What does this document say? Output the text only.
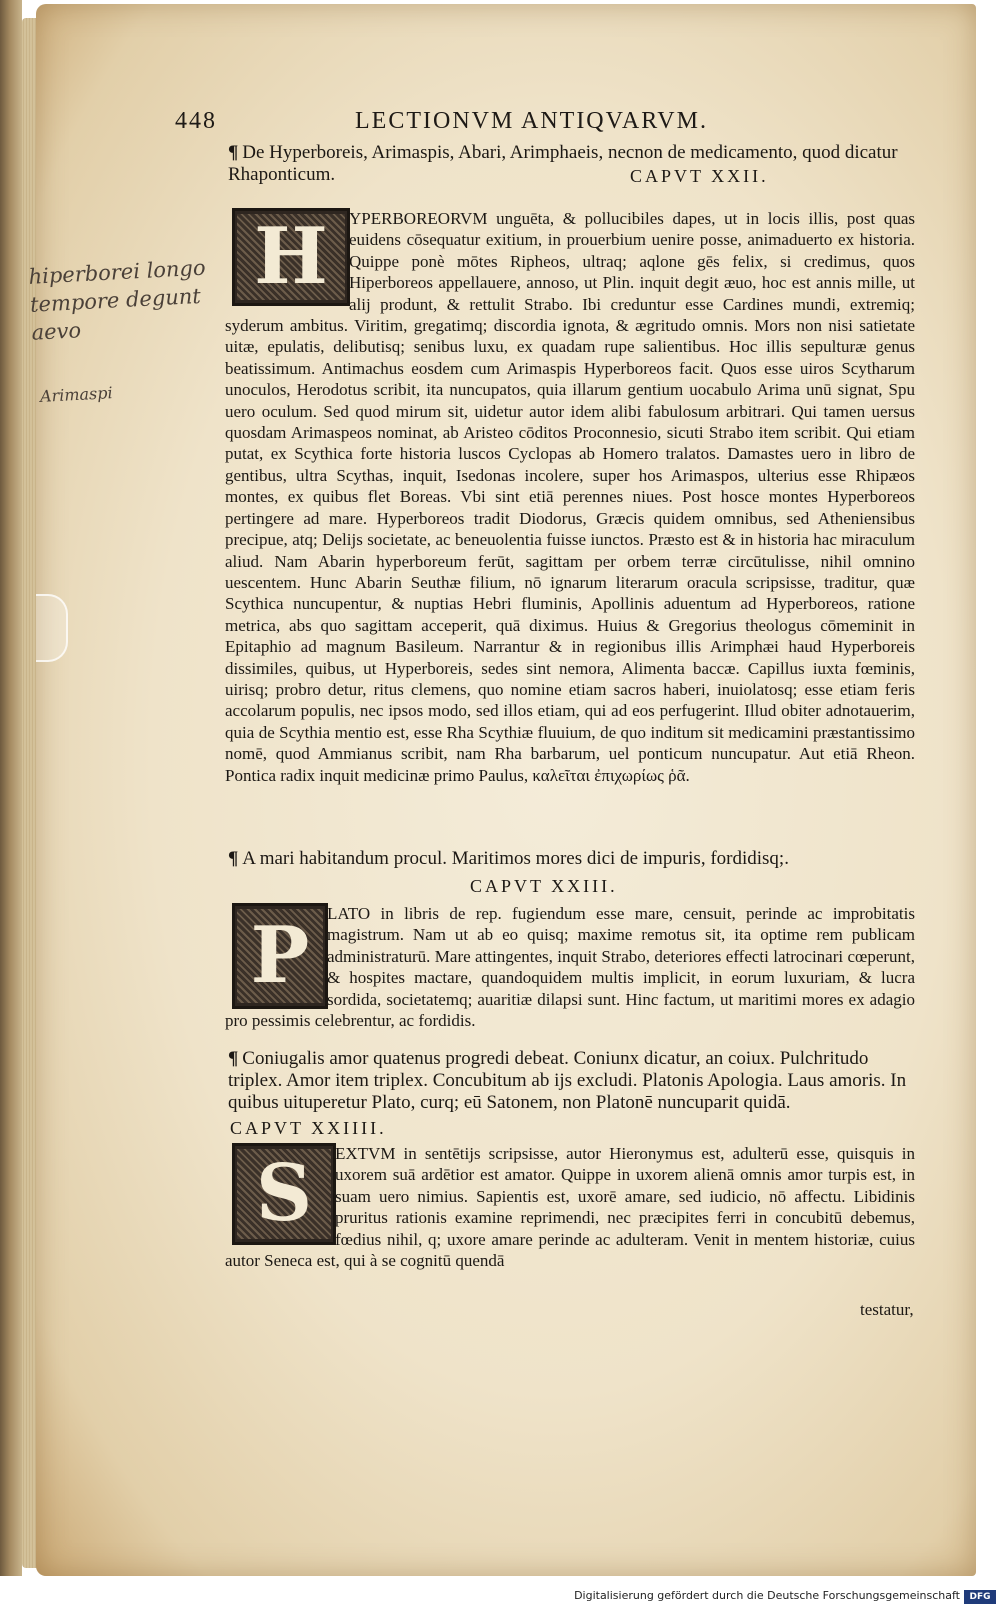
448	LECTIONVM ANTIQVARVM.
hiperborei longo tempore degunt aevo
Arimaspi
¶ De Hyperboreis, Arimaspis, Abari, Arimphaeis, necnon de medicamento, quod dicatur Rhaponticum.	CAPVT XXII.
H	YPERBOREORVM unguēta, & pollucibiles dapes, ut in locis illis, post quas euidens cōsequatur exitium, in prouerbium uenire posse, animaduerto ex historia. Quippe ponè mōtes Ripheos, ultraq; aqlone gēs felix, si credimus, quos Hiperboreos appellauere, annoso, ut Plin. inquit degit æuo, hoc est annis mille, ut alij produnt, & rettulit Strabo. Ibi creduntur esse Cardines mundi, extremiq; syderum ambitus. Viritim, gregatimq; discordia ignota, & ægritudo omnis. Mors non nisi satietate uitæ, epulatis, delibutisq; senibus luxu, ex quadam rupe salientibus. Hoc illis sepulturæ genus beatissimum. Antimachus eosdem cum Arimaspis Hyperboreos facit. Quos esse uiros Scytharum unoculos, Herodotus scribit, ita nuncupatos, quia illarum gentium uocabulo Arima unū signat, Spu uero oculum. Sed quod mirum sit, uidetur autor idem alibi fabulosum arbitrari. Qui tamen uersus quosdam Arimaspeos nominat, ab Aristeo cōditos Proconnesio, sicuti Strabo item scribit. Qui etiam putat, ex Scythica forte historia luscos Cyclopas ab Homero tralatos. Damastes uero in libro de gentibus, ultra Scythas, inquit, Isedonas incolere, super hos Arimaspos, ulterius esse Rhipæos montes, ex quibus flet Boreas. Vbi sint etiā perennes niues. Post hosce montes Hyperboreos pertingere ad mare. Hyperboreos tradit Diodorus, Græcis quidem omnibus, sed Atheniensibus precipue, atq; Delijs societate, ac beneuolentia fuisse iunctos. Præsto est & in historia hac miraculum aliud. Nam Abarin hyperboreum ferūt, sagittam per orbem terræ circūtulisse, nihil omnino uescentem. Hunc Abarin Seuthæ filium, nō ignarum literarum oracula scripsisse, traditur, quæ Scythica nuncupentur, & nuptias Hebri fluminis, Apollinis aduentum ad Hyperboreos, ratione metrica, abs quo sagittam acceperit, quā diximus. Huius & Gregorius theologus cōmeminit in Epitaphio ad magnum Basileum. Narrantur & in regionibus illis Arimphæi haud Hyperboreis dissimiles, quibus, ut Hyperboreis, sedes sint nemora, Alimenta baccæ. Capillus iuxta fœminis, uirisq; probro detur, ritus clemens, quo nomine etiam sacros haberi, inuiolatosq; esse etiam feris accolarum populis, nec ipsos modo, sed illos etiam, qui ad eos perfugerint. Illud obiter adnotauerim, quia de Scythia mentio est, esse Rha Scythiæ fluuium, de quo inditum sit medicamini præstantissimo nomē, quod Ammianus scribit, nam Rha barbarum, uel ponticum nuncupatur. Aut etiā Rheon. Pontica radix inquit medicinæ primo Paulus, καλεῖται ἐπιχωρίως ῥᾶ.
¶ A mari habitandum procul. Maritimos mores dici de impuris, fordidisq;.
CAPVT XXIII.
P	LATO in libris de rep. fugiendum esse mare, censuit, perinde ac improbitatis magistrum. Nam ut ab eo quisq; maxime remotus sit, ita optime rem publicam administraturū. Mare attingentes, inquit Strabo, deteriores effecti latrocinari cœperunt, & hospites mactare, quandoquidem multis implicit, in eorum luxuriam, & lucra sordida, societatemq; auaritiæ dilapsi sunt. Hinc factum, ut maritimi mores ex adagio pro pessimis celebrentur, ac fordidis.
¶ Coniugalis amor quatenus progredi debeat. Coniunx dicatur, an coiux. Pulchritudo triplex. Amor item triplex. Concubitum ab ijs excludi. Platonis Apologia. Laus amoris. In quibus uituperetur Plato, curq; eū Satonem, non Platonē nuncuparit quidā.
CAPVT XXIIII.
S	EXTVM in sentētijs scripsisse, autor Hieronymus est, adulterū esse, quisquis in uxorem suā ardētior est amator. Quippe in uxorem alienā omnis amor turpis est, in suam uero nimius. Sapientis est, uxorē amare, sed iudicio, nō affectu. Libidinis pruritus rationis examine reprimendi, nec præcipites ferri in concubitū debemus, fœdius nihil, q; uxore amare perinde ac adulteram. Venit in mentem historiæ, cuius autor Seneca est, qui à se cognitū quendā
testatur,
Digitalisierung gefördert durch die Deutsche Forschungsgemeinschaft	DFG
